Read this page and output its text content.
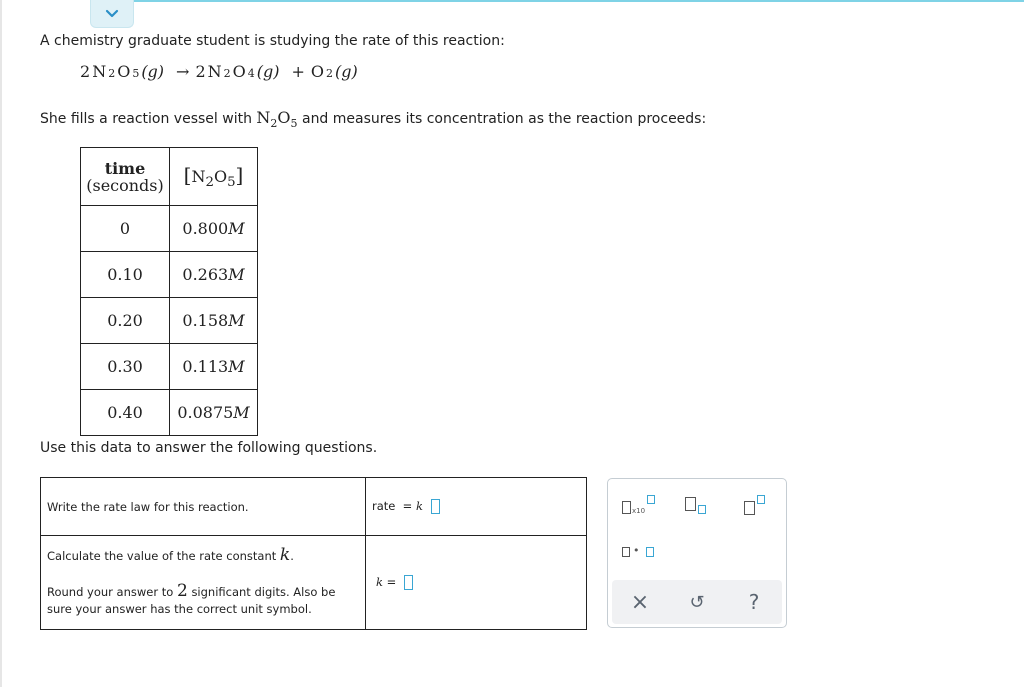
A chemistry graduate student is studying the rate of this reaction:
2 N 2 O 5 (g) → 2 N 2 O 4 (g) + O 2 (g)
She fills a reaction vessel with $N_2O_5$ and measures its concentration as the reaction proceeds:
time
(seconds)	$[N_2O_5]$
0	0.800M
0.10	0.263M
0.20	0.158M
0.30	0.113M
0.40	0.0875M
Use this data to answer the following questions.
Write the rate law for this reaction.	rate = k

Calculate the value of the rate constant k.
Round your answer to 2 significant digits. Also be
sure your answer has the correct unit symbol.	k =
x10
•
× ↺ ?
